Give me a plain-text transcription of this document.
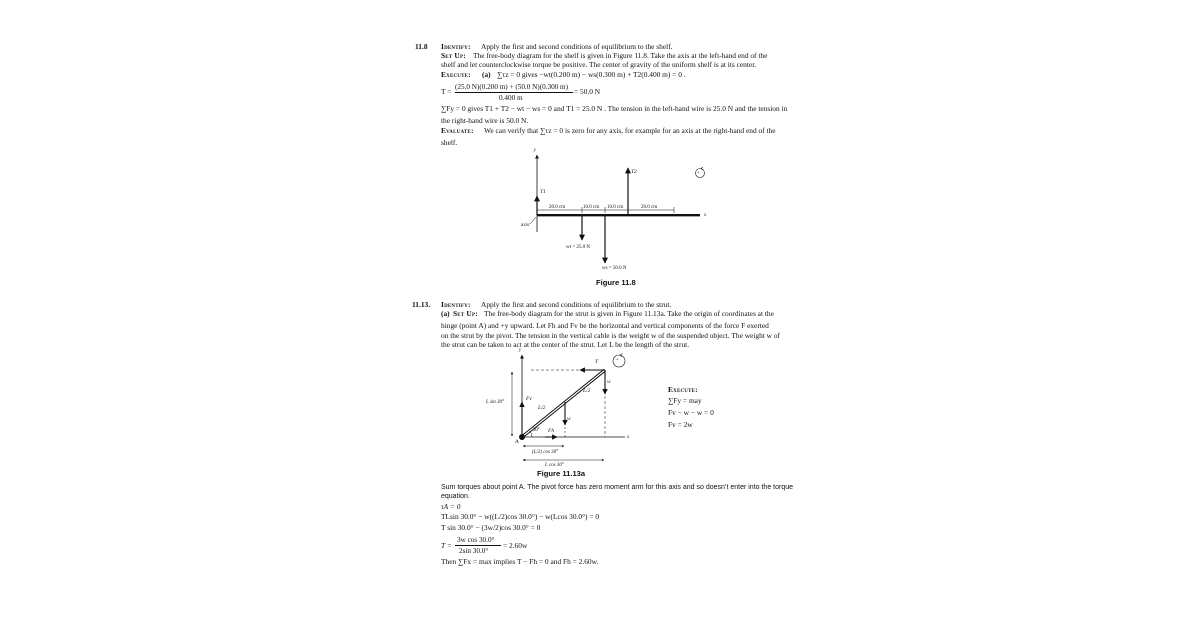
11.8 Identify: Apply the first and second conditions of equilibrium to the shelf.
Set Up: The free-body diagram for the shelf is given in Figure 11.8. Take the axis at the left-hand end of the
shelf and let counterclockwise torque be positive. The center of gravity of the uniform shelf is at its center.
Execute: (a) ∑τz = 0 gives −wt(0.200 m) − ws(0.300 m) + T2(0.400 m) = 0 .
T = (25.0 N)(0.200 m) + (50.0 N)(0.300 m)
0.400 m
= 50.0 N
∑Fy = 0 gives T1 + T2 − wt − ws = 0 and T1 = 25.0 N . The tension in the left-hand wire is 25.0 N and the tension in
the right-hand wire is 50.0 N.
Evaluate: We can verify that ∑τz = 0 is zero for any axis, for example for an axis at the right-hand end of the
shelf.
y
x
T1
T2
20.0 cm	10.0 cm 10.0 cm	20.0 cm
axis
wt = 25.0 N
ws = 50.0 N
+
Figure 11.8
11.13. Identify: Apply the first and second conditions of equilibrium to the strut.
(a) Set Up: The free-body diagram for the strut is given in Figure 11.13a. Take the origin of coordinates at the
hinge (point A) and +y upward. Let Fh and Fv be the horizontal and vertical components of the force F exerted
on the strut by the pivot. The tension in the vertical cable is the weight w of the suspended object. The weight w of
the strut can be taken to act at the center of the strut. Let L be the length of the strut.
y
x
T
w
w
Fv
Fh
L/2
L/2
30°
A
L sin 30°
(L/2) cos 30°
L cos 30°
+
Figure 11.13a
Execute:
∑Fy = may
Fv − w − w = 0
Fv = 2w
Sum torques about point A. The pivot force has zero moment arm for this axis and so doesn’t enter into the torque
equation.
τA = 0
TLsin 30.0° − w((L/2)cos 30.0°) − w(Lcos 30.0°) = 0
T sin 30.0° − (3w/2)cos 30.0° = 0
T =
3w cos 30.0°
2sin 30.0°
= 2.60w
Then ∑Fx = max implies T − Fh = 0 and Fh = 2.60w.
